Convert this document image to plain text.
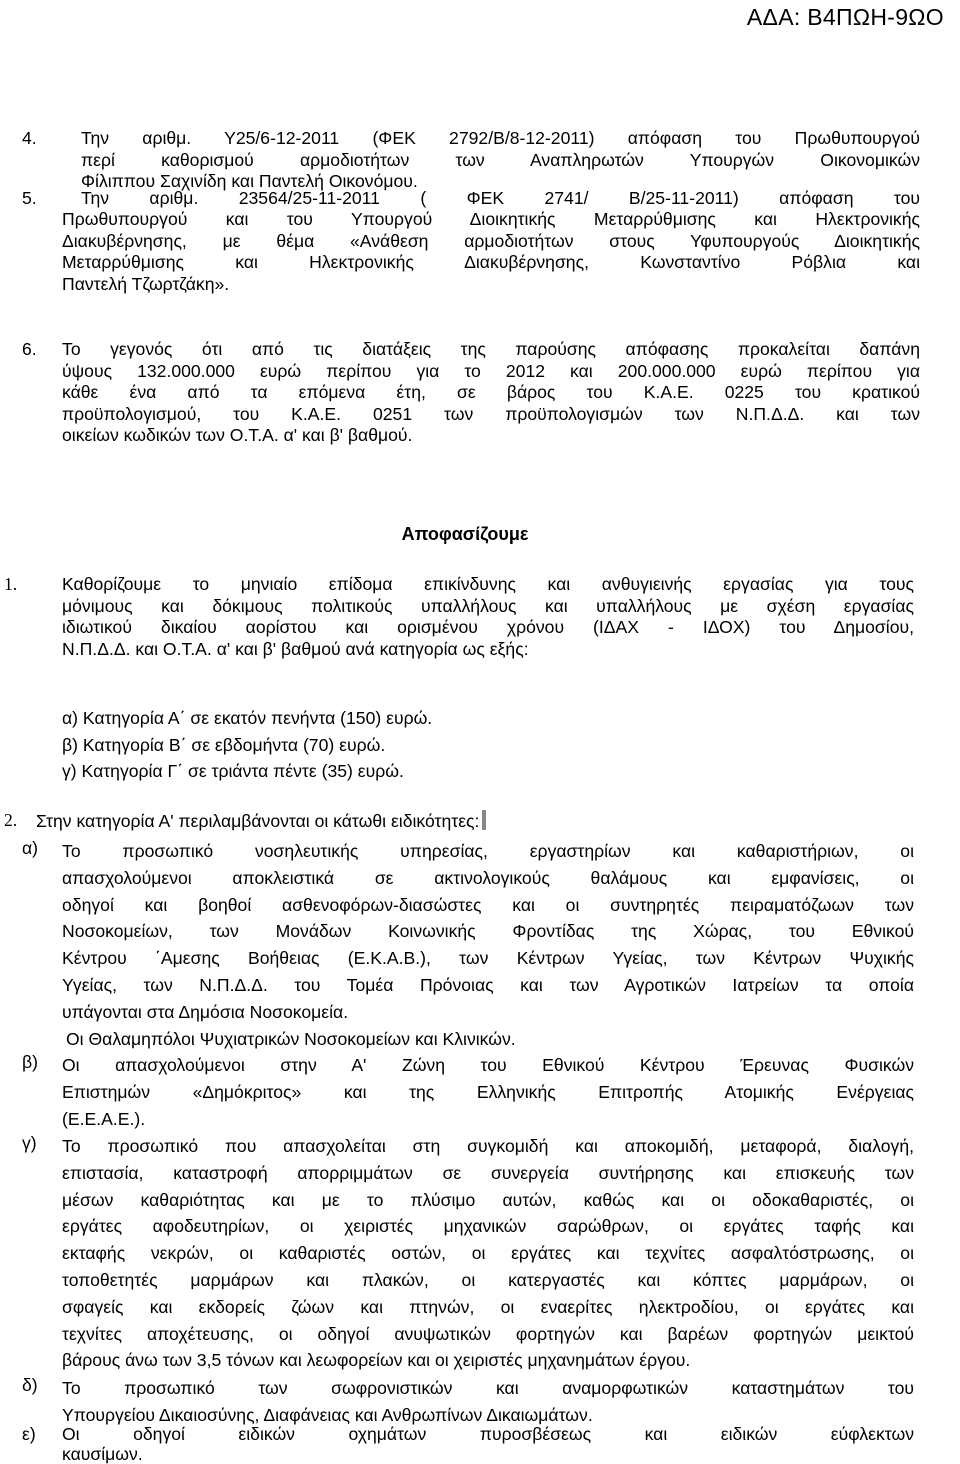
ΑΔΑ: Β4ΠΩΗ-9ΩΟ
4.	Την αριθμ. Υ25/6-12-2011 (ΦΕΚ 2792/Β/8-12-2011) απόφαση του Πρωθυπουργού
περί καθορισμού αρμοδιοτήτων των Αναπληρωτών Υπουργών Οικονομικών
Φίλιππου Σαχινίδη και Παντελή Οικονόμου.
5.	Την αριθμ. 23564/25-11-2011 ( ΦΕΚ 2741/ Β/25-11-2011) απόφαση του
Πρωθυπουργού και του Υπουργού Διοικητικής Μεταρρύθμισης και Ηλεκτρονικής
Διακυβέρνησης, με θέμα «Ανάθεση αρμοδιοτήτων στους Υφυπουργούς Διοικητικής
Μεταρρύθμισης και Ηλεκτρονικής Διακυβέρνησης, Κωνσταντίνο Ρόβλια και
Παντελή Τζωρτζάκη».
6. Το γεγονός ότι από τις διατάξεις της παρούσης απόφασης προκαλείται δαπάνη
ύψους 132.000.000 ευρώ περίπου για το 2012 και 200.000.000 ευρώ περίπου για
κάθε ένα από τα επόμενα έτη, σε βάρος του Κ.Α.Ε. 0225 του κρατικού
προϋπολογισμού, του Κ.Α.Ε. 0251 των προϋπολογισμών των Ν.Π.Δ.Δ. και των
οικείων κωδικών των Ο.Τ.Α. α' και β' βαθμού.
Αποφασίζουμε
1.	Καθορίζουμε το μηνιαίο επίδομα επικίνδυνης και ανθυγιεινής εργασίας για τους
μόνιμους και δόκιμους πολιτικούς υπαλλήλους και υπαλλήλους με σχέση εργασίας
ιδιωτικού δικαίου αορίστου και ορισμένου χρόνου (ΙΔΑΧ - ΙΔΟΧ) του Δημοσίου,
Ν.Π.Δ.Δ. και Ο.Τ.Α. α' και β' βαθμού ανά κατηγορία ως εξής:
α) Κατηγορία Α΄ σε εκατόν πενήντα (150) ευρώ.
β) Κατηγορία Β΄ σε εβδομήντα (70) ευρώ.
γ) Κατηγορία Γ΄ σε τριάντα πέντε (35) ευρώ.
2. Στην κατηγορία Α' περιλαμβάνονται οι κάτωθι ειδικότητες:
α) Το προσωπικό νοσηλευτικής υπηρεσίας, εργαστηρίων και καθαριστήριων, οι
απασχολούμενοι αποκλειστικά σε ακτινολογικούς θαλάμους και εμφανίσεις, οι
οδηγοί και βοηθοί ασθενοφόρων-διασώστες και οι συντηρητές πειραματόζωων των
Νοσοκομείων, των Μονάδων Κοινωνικής Φροντίδας της Χώρας, του Εθνικού
Κέντρου ΄Αμεσης Βοήθειας (Ε.Κ.Α.Β.), των Κέντρων Υγείας, των Κέντρων Ψυχικής
Υγείας, των Ν.Π.Δ.Δ. του Τομέα Πρόνοιας και των Αγροτικών Ιατρείων τα οποία
υπάγονται στα Δημόσια Νοσοκομεία.
Οι Θαλαμηπόλοι Ψυχιατρικών Νοσοκομείων και Κλινικών.
β) Οι απασχολούμενοι στην Α' Ζώνη του Εθνικού Κέντρου Έρευνας Φυσικών
Επιστημών «Δημόκριτος» και της Ελληνικής Επιτροπής Ατομικής Ενέργειας
(Ε.Ε.Α.Ε.).
γ) Το προσωπικό που απασχολείται στη συγκομιδή και αποκομιδή, μεταφορά, διαλογή,
επιστασία, καταστροφή απορριμμάτων σε συνεργεία συντήρησης και επισκευής των
μέσων καθαριότητας και με το πλύσιμο αυτών, καθώς και οι οδοκαθαριστές, οι
εργάτες αφοδευτηρίων, οι χειριστές μηχανικών σαρώθρων, οι εργάτες ταφής και
εκταφής νεκρών, οι καθαριστές οστών, οι εργάτες και τεχνίτες ασφαλτόστρωσης, οι
τοποθετητές μαρμάρων και πλακών, οι κατεργαστές και κόπτες μαρμάρων, οι
σφαγείς και εκδορείς ζώων και πτηνών, οι εναερίτες ηλεκτροδίου, οι εργάτες και
τεχνίτες αποχέτευσης, οι οδηγοί ανυψωτικών φορτηγών και βαρέων φορτηγών μεικτού
βάρους άνω των 3,5 τόνων και λεωφορείων και οι χειριστές μηχανημάτων έργου.
δ) Το προσωπικό των σωφρονιστικών και αναμορφωτικών καταστημάτων του
Υπουργείου Δικαιοσύνης, Διαφάνειας και Ανθρωπίνων Δικαιωμάτων.
ε) Οι οδηγοί ειδικών οχημάτων πυροσβέσεως και ειδικών εύφλεκτων
καυσίμων.
